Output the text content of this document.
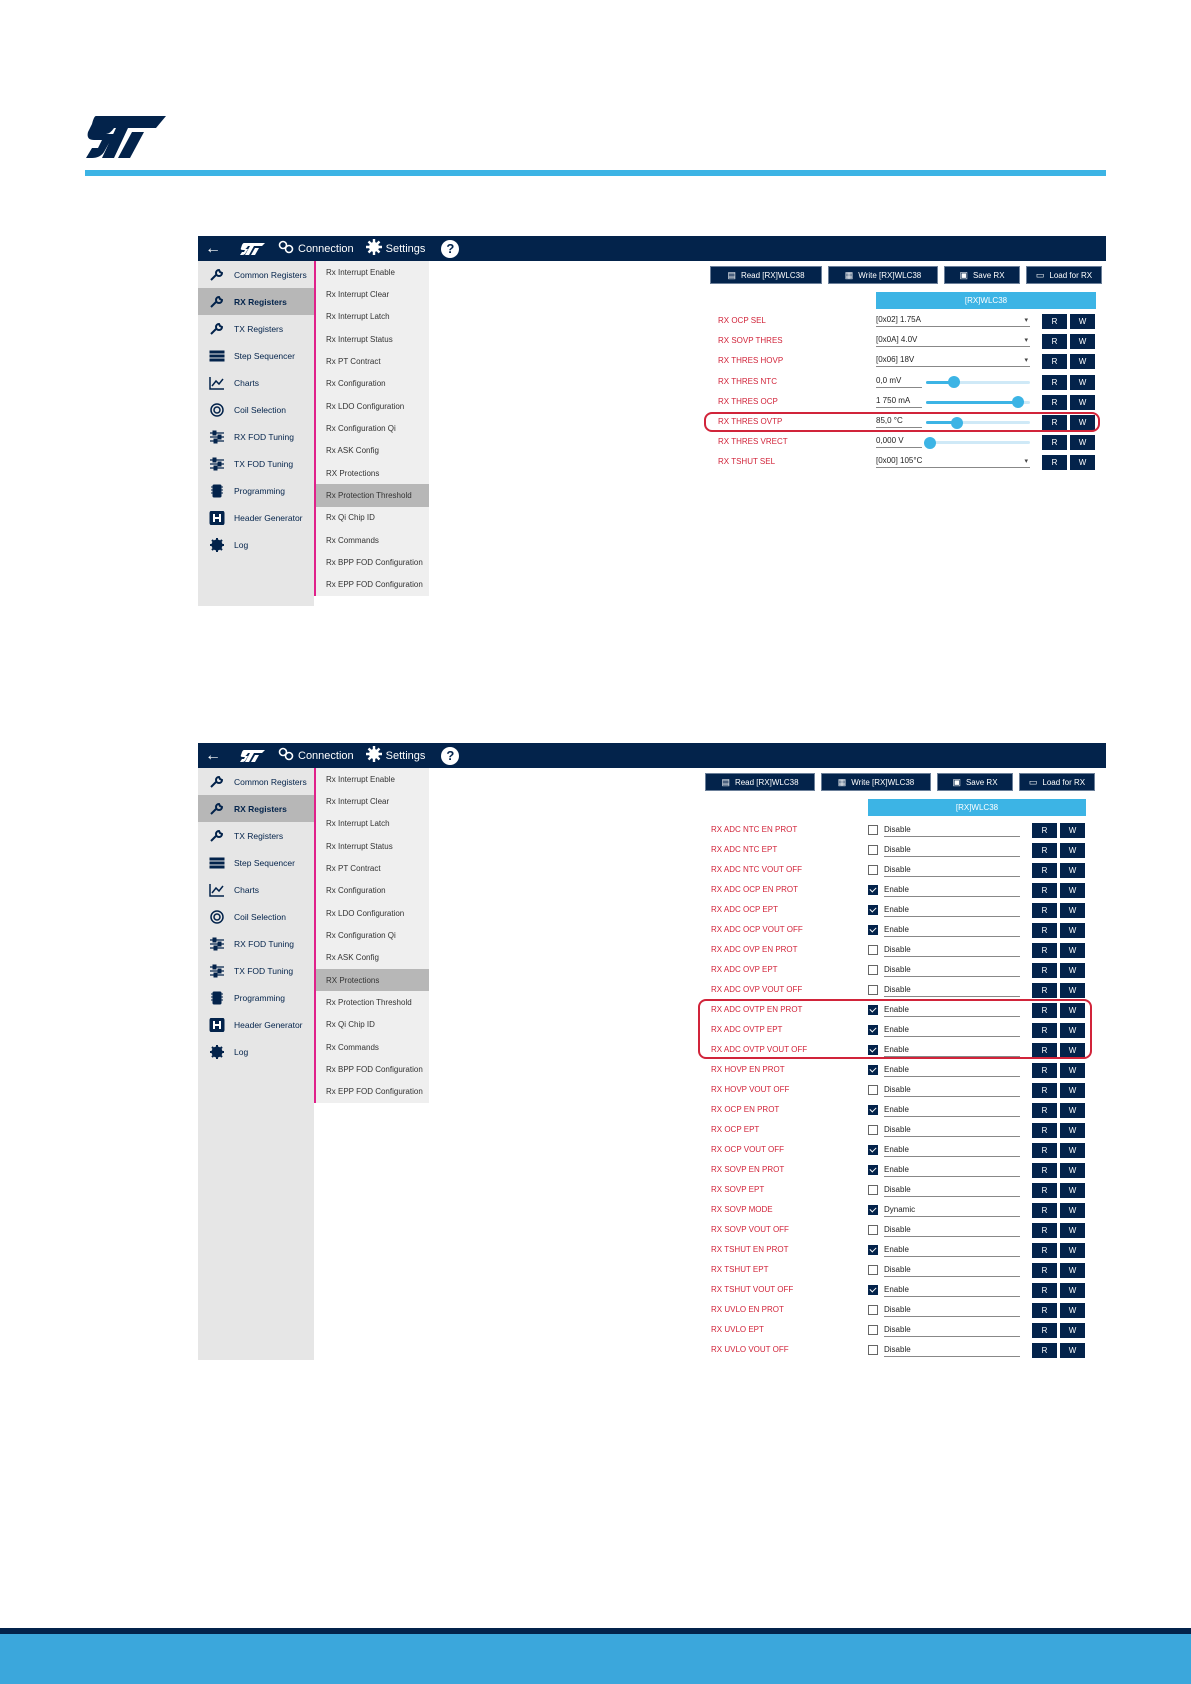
←	Connection	Settings	?
Common Registers
RX Registers
TX Registers
Step Sequencer
Charts
Coil Selection
RX FOD Tuning
TX FOD Tuning
Programming
Header Generator
Log
Rx Interrupt Enable
Rx Interrupt Clear
Rx Interrupt Latch
Rx Interrupt Status
Rx PT Contract
Rx Configuration
Rx LDO Configuration
Rx Configuration Qi
Rx ASK Config
RX Protections
Rx Protection Threshold
Rx Qi Chip ID
Rx Commands
Rx BPP FOD Configuration
Rx EPP FOD Configuration
▤ Read [RX]WLC38	▦ Write [RX]WLC38	▣ Save RX	▭ Load for RX
[RX]WLC38
RX OCP SEL	[0x02] 1.75A	▾	R	W
RX SOVP THRES	[0x0A] 4.0V	▾	R	W
RX THRES HOVP	[0x06] 18V	▾	R	W
RX THRES NTC	0,0 mV	R	W
RX THRES OCP	1 750 mA	R	W
RX THRES OVTP	85,0 °C	R	W
RX THRES VRECT	0,000 V	R	W
RX TSHUT SEL	[0x00] 105°C	▾	R	W
←	Connection	Settings	?
Common Registers
RX Registers
TX Registers
Step Sequencer
Charts
Coil Selection
RX FOD Tuning
TX FOD Tuning
Programming
Header Generator
Log
Rx Interrupt Enable
Rx Interrupt Clear
Rx Interrupt Latch
Rx Interrupt Status
Rx PT Contract
Rx Configuration
Rx LDO Configuration
Rx Configuration Qi
Rx ASK Config
RX Protections
Rx Protection Threshold
Rx Qi Chip ID
Rx Commands
Rx BPP FOD Configuration
Rx EPP FOD Configuration
▤ Read [RX]WLC38	▦ Write [RX]WLC38	▣ Save RX	▭ Load for RX
[RX]WLC38
RX ADC NTC EN PROT	Disable	R	W
RX ADC NTC EPT	Disable	R	W
RX ADC NTC VOUT OFF	Disable	R	W
RX ADC OCP EN PROT	Enable	R	W
RX ADC OCP EPT	Enable	R	W
RX ADC OCP VOUT OFF	Enable	R	W
RX ADC OVP EN PROT	Disable	R	W
RX ADC OVP EPT	Disable	R	W
RX ADC OVP VOUT OFF	Disable	R	W
RX ADC OVTP EN PROT	Enable	R	W
RX ADC OVTP EPT	Enable	R	W
RX ADC OVTP VOUT OFF	Enable	R	W
RX HOVP EN PROT	Enable	R	W
RX HOVP VOUT OFF	Disable	R	W
RX OCP EN PROT	Enable	R	W
RX OCP EPT	Disable	R	W
RX OCP VOUT OFF	Enable	R	W
RX SOVP EN PROT	Enable	R	W
RX SOVP EPT	Disable	R	W
RX SOVP MODE	Dynamic	R	W
RX SOVP VOUT OFF	Disable	R	W
RX TSHUT EN PROT	Enable	R	W
RX TSHUT EPT	Disable	R	W
RX TSHUT VOUT OFF	Enable	R	W
RX UVLO EN PROT	Disable	R	W
RX UVLO EPT	Disable	R	W
RX UVLO VOUT OFF	Disable	R	W
